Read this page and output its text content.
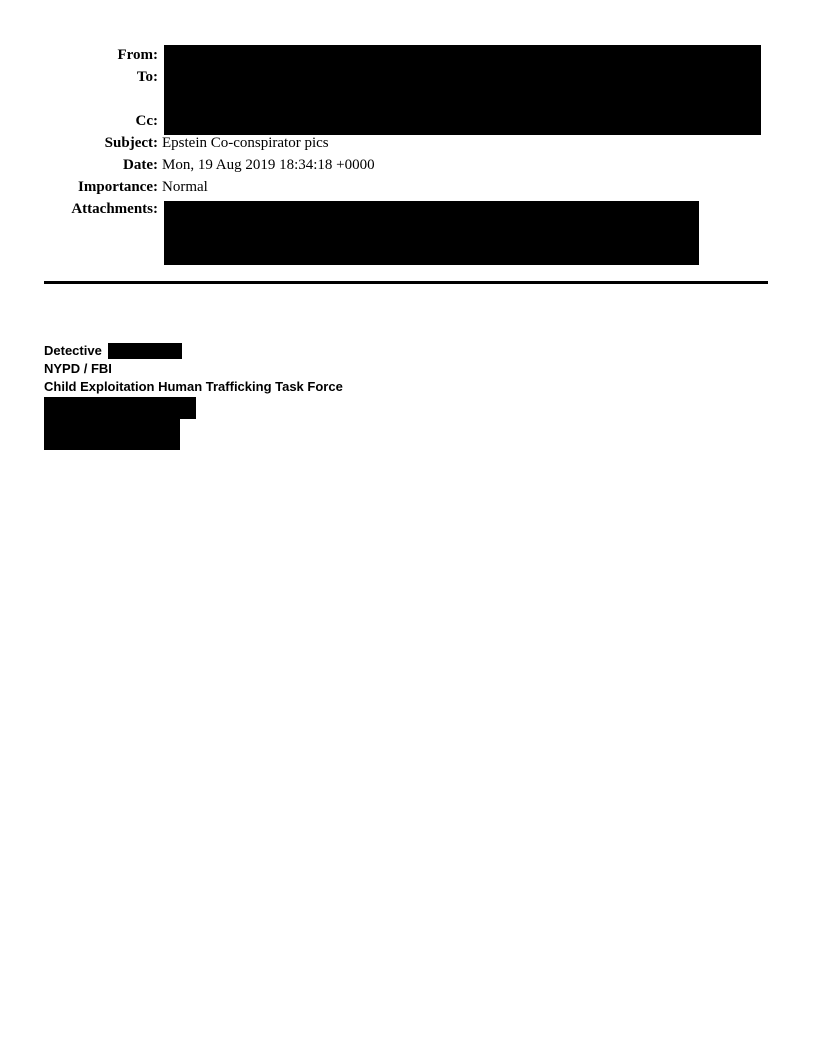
From:
To:
Cc:
Subject: Epstein Co-conspirator pics
Date: Mon, 19 Aug 2019 18:34:18 +0000
Importance: Normal
Attachments:
Detective
NYPD / FBI
Child Exploitation Human Trafficking Task Force
